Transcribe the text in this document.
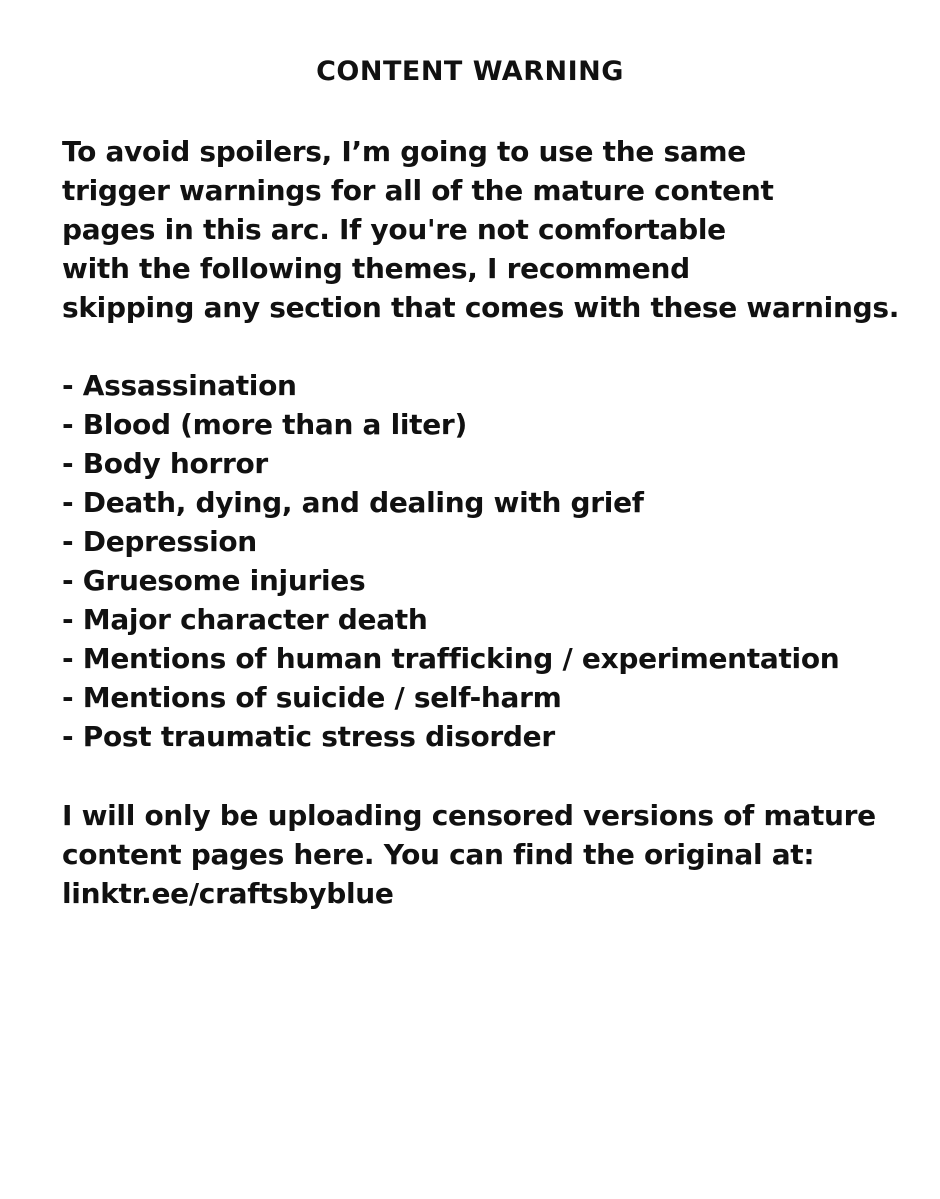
CONTENT WARNING
To avoid spoilers, I’m going to use the same
trigger warnings for all of the mature content
pages in this arc. If you're not comfortable
with the following themes, I recommend
skipping any section that comes with these warnings.
- Assassination
- Blood (more than a liter)
- Body horror
- Death, dying, and dealing with grief
- Depression
- Gruesome injuries
- Major character death
- Mentions of human trafficking / experimentation
- Mentions of suicide / self-harm
- Post traumatic stress disorder
I will only be uploading censored versions of mature
content pages here. You can find the original at:
linktr.ee/craftsbyblue
